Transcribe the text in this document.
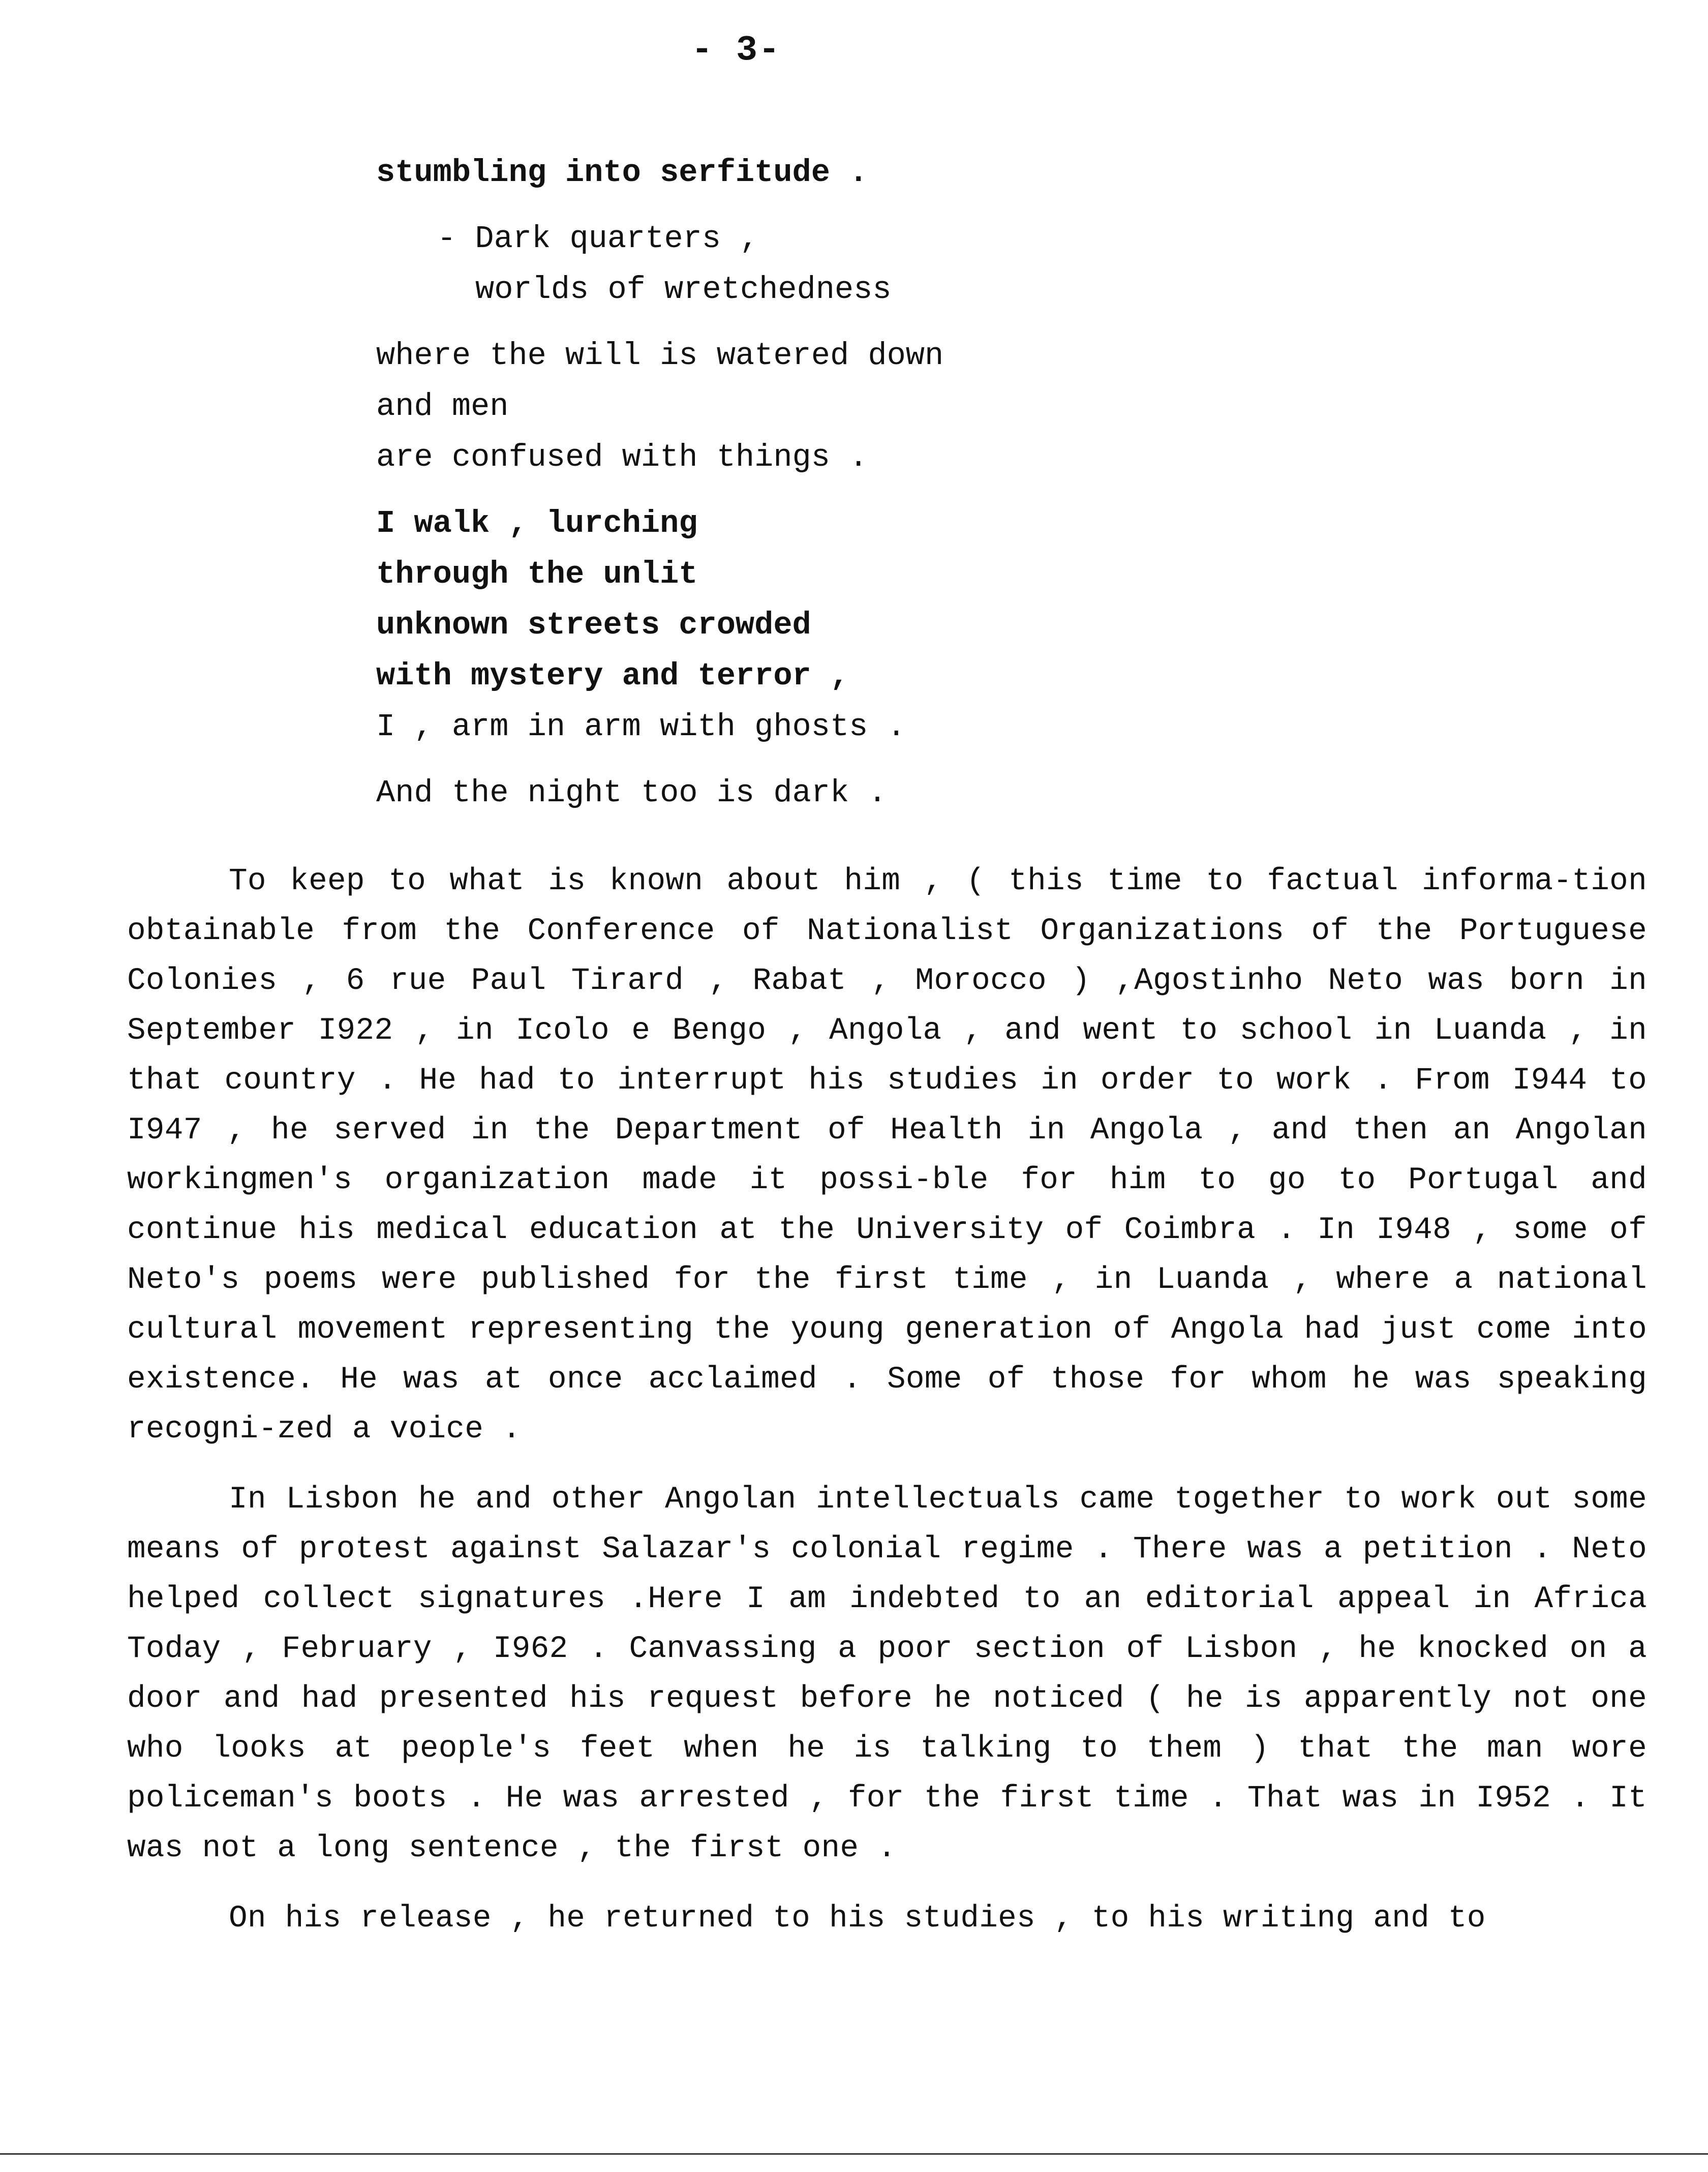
- 3-
stumbling into serfitude .
- Dark quarters ,
worlds of wretchedness
where the will is watered down
and men
are confused with things .
I walk , lurching
through the unlit
unknown streets crowded
with mystery and terror ,
I , arm in arm with ghosts .
And the night too is dark .

To keep to what is known about him , ( this time to factual informa-tion obtainable from the Conference of Nationalist Organizations of the Portuguese Colonies , 6 rue Paul Tirard , Rabat , Morocco ) ,Agostinho Neto was born in September I922 , in Icolo e Bengo , Angola , and went to school in Luanda , in that country . He had to interrupt his studies in order to work . From I944 to I947 , he served in the Department of Health in Angola , and then an Angolan workingmen's organization made it possi-ble for him to go to Portugal and continue his medical education at the University of Coimbra . In I948 , some of Neto's poems were published for the first time , in Luanda , where a national cultural movement representing the young generation of Angola had just come into existence. He was at once acclaimed . Some of those for whom he was speaking recogni-zed a voice .

In Lisbon he and other Angolan intellectuals came together to work out some means of protest against Salazar's colonial regime . There was a petition . Neto helped collect signatures .Here I am indebted to an editorial appeal in Africa Today , February , I962 . Canvassing a poor section of Lisbon , he knocked on a door and had presented his request before he noticed ( he is apparently not one who looks at people's feet when he is talking to them ) that the man wore policeman's boots . He was arrested , for the first time . That was in I952 . It was not a long sentence , the first one .

On his release , he returned to his studies , to his writing and to
